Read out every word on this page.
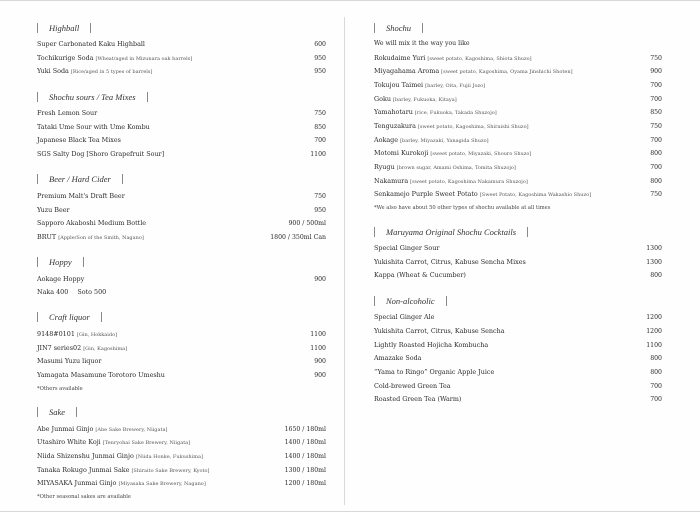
Highball
Super Carbonated Kaku Highball	600
Tochikurige Soda [Wheat/aged in Mizunara oak barrels]	950
Yuki Soda [Rice/aged in 5 types of barrels]	950
Shochu sours / Tea Mixes
Fresh Lemon Sour	750
Tataki Ume Sour with Ume Kombu	850
Japanese Black Tea Mixes	700
SGS Salty Dog [Shoro Grapefruit Sour]	1100
Beer / Hard Cider
Premium Malt's Draft Beer	750
Yuzu Beer	950
Sapporo Akaboshi Medium Bottle	900 / 500ml
BRUT [Apple/Son of the Smith, Nagano]	1800 / 350ml Can
Hoppy
Aokage Hoppy	900
Naka 400 Soto 500
Craft liquor
9148#0101 [Gin, Hokkaido]	1100
JIN7 series02 [Gin, Kagoshima]	1100
Masumi Yuzu liquor	900
Yamagata Masamune Torotoro Umeshu	900
*Others available
Sake
Abe Junmai Ginjo [Abe Sake Brewery, Niigata]	1650 / 180ml
Utashiro White Koji [Tenryohai Sake Brewery, Niigata]	1400 / 180ml
Niida Shizenshu Junmai Ginjo [Niida Honke, Fukushima]	1400 / 180ml
Tanaka Rokugo Junmai Sake [Shiraito Sake Brewery, Kyoto]	1300 / 180ml
MIYASAKA Junmai Ginjo [Miyasaka Sake Brewery, Nagano]	1200 / 180ml
*Other seasonal sakes are available
Shochu
We will mix it the way you like
Rokudaime Yuri [sweet potato, Kagoshima, Shiota Shuzo]	750
Miyagahama Aroma [sweet potato, Kagoshima, Oyama Jinshichi Shoten]	900
Tokujou Taimei [barley, Oita, Fujii Jozo]	700
Goku [barley, Fukuoka, Kitaya]	700
Yamahotaru [rice, Fukuoka, Takada Shuzojo]	850
Tenguzakura [sweet potato, Kagoshima, Shiraishi Shuzo]	750
Aokage [barley, Miyazaki, Yanagida Shuzo]	700
Motomi Kurokoji [sweet potato, Miyazaki, Shouro Shuzo]	800
Ryugu [brown sugar, Amami Oshima, Tomita Shuzojo]	700
Nakamura [sweet potato, Kagoshima Nakamura Shuzojo]	800
Senkamejo Purple Sweet Potato [Sweet Potato, Kagoshima Wakashio Shuzo]	750
*We also have about 50 other types of shochu available at all times
Maruyama Original Shochu Cocktails
Special Ginger Sour	1300
Yukishita Carrot, Citrus, Kabuse Sencha Mixes	1300
Kappa (Wheat & Cucumber)	800
Non-alcoholic
Special Ginger Ale	1200
Yukishita Carrot, Citrus, Kabuse Sencha	1200
Lightly Roasted Hojicha Kombucha	1100
Amazake Soda	800
“Yama to Ringo” Organic Apple Juice	800
Cold-brewed Green Tea	700
Roasted Green Tea (Warm)	700
